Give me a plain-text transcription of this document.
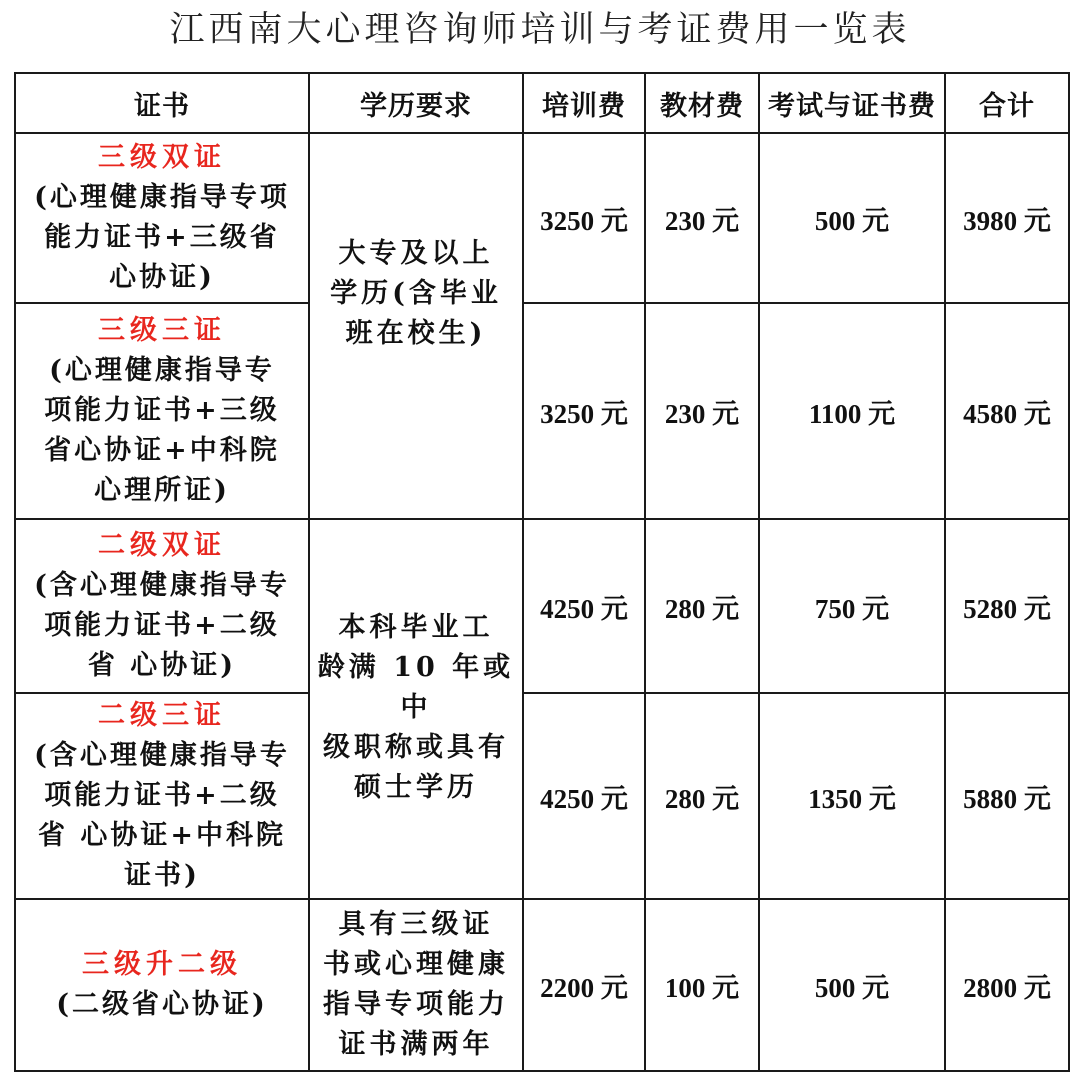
江西南大心理咨询师培训与考证费用一览表
证书	学历要求	培训费	教材费	考试与证书费	合计

三级双证
(心理健康指导专项
能力证书+三级省
心协证)	大专及以上
学历(含毕业
班在校生)	3250 元	230 元	500 元	3980 元

三级三证
(心理健康指导专
项能力证书+三级
省心协证+中科院
心理所证)		3250 元	230 元	1100 元	4580 元

二级双证
(含心理健康指导专
项能力证书+二级
省 心协证)	本科毕业工
龄满 10 年或中
级职称或具有
硕士学历	4250 元	280 元	750 元	5280 元

二级三证
(含心理健康指导专
项能力证书+二级
省 心协证+中科院
证书)		4250 元	280 元	1350 元	5880 元

三级升二级
(二级省心协证)	具有三级证
书或心理健康
指导专项能力
证书满两年	2200 元	100 元	500 元	2800 元
